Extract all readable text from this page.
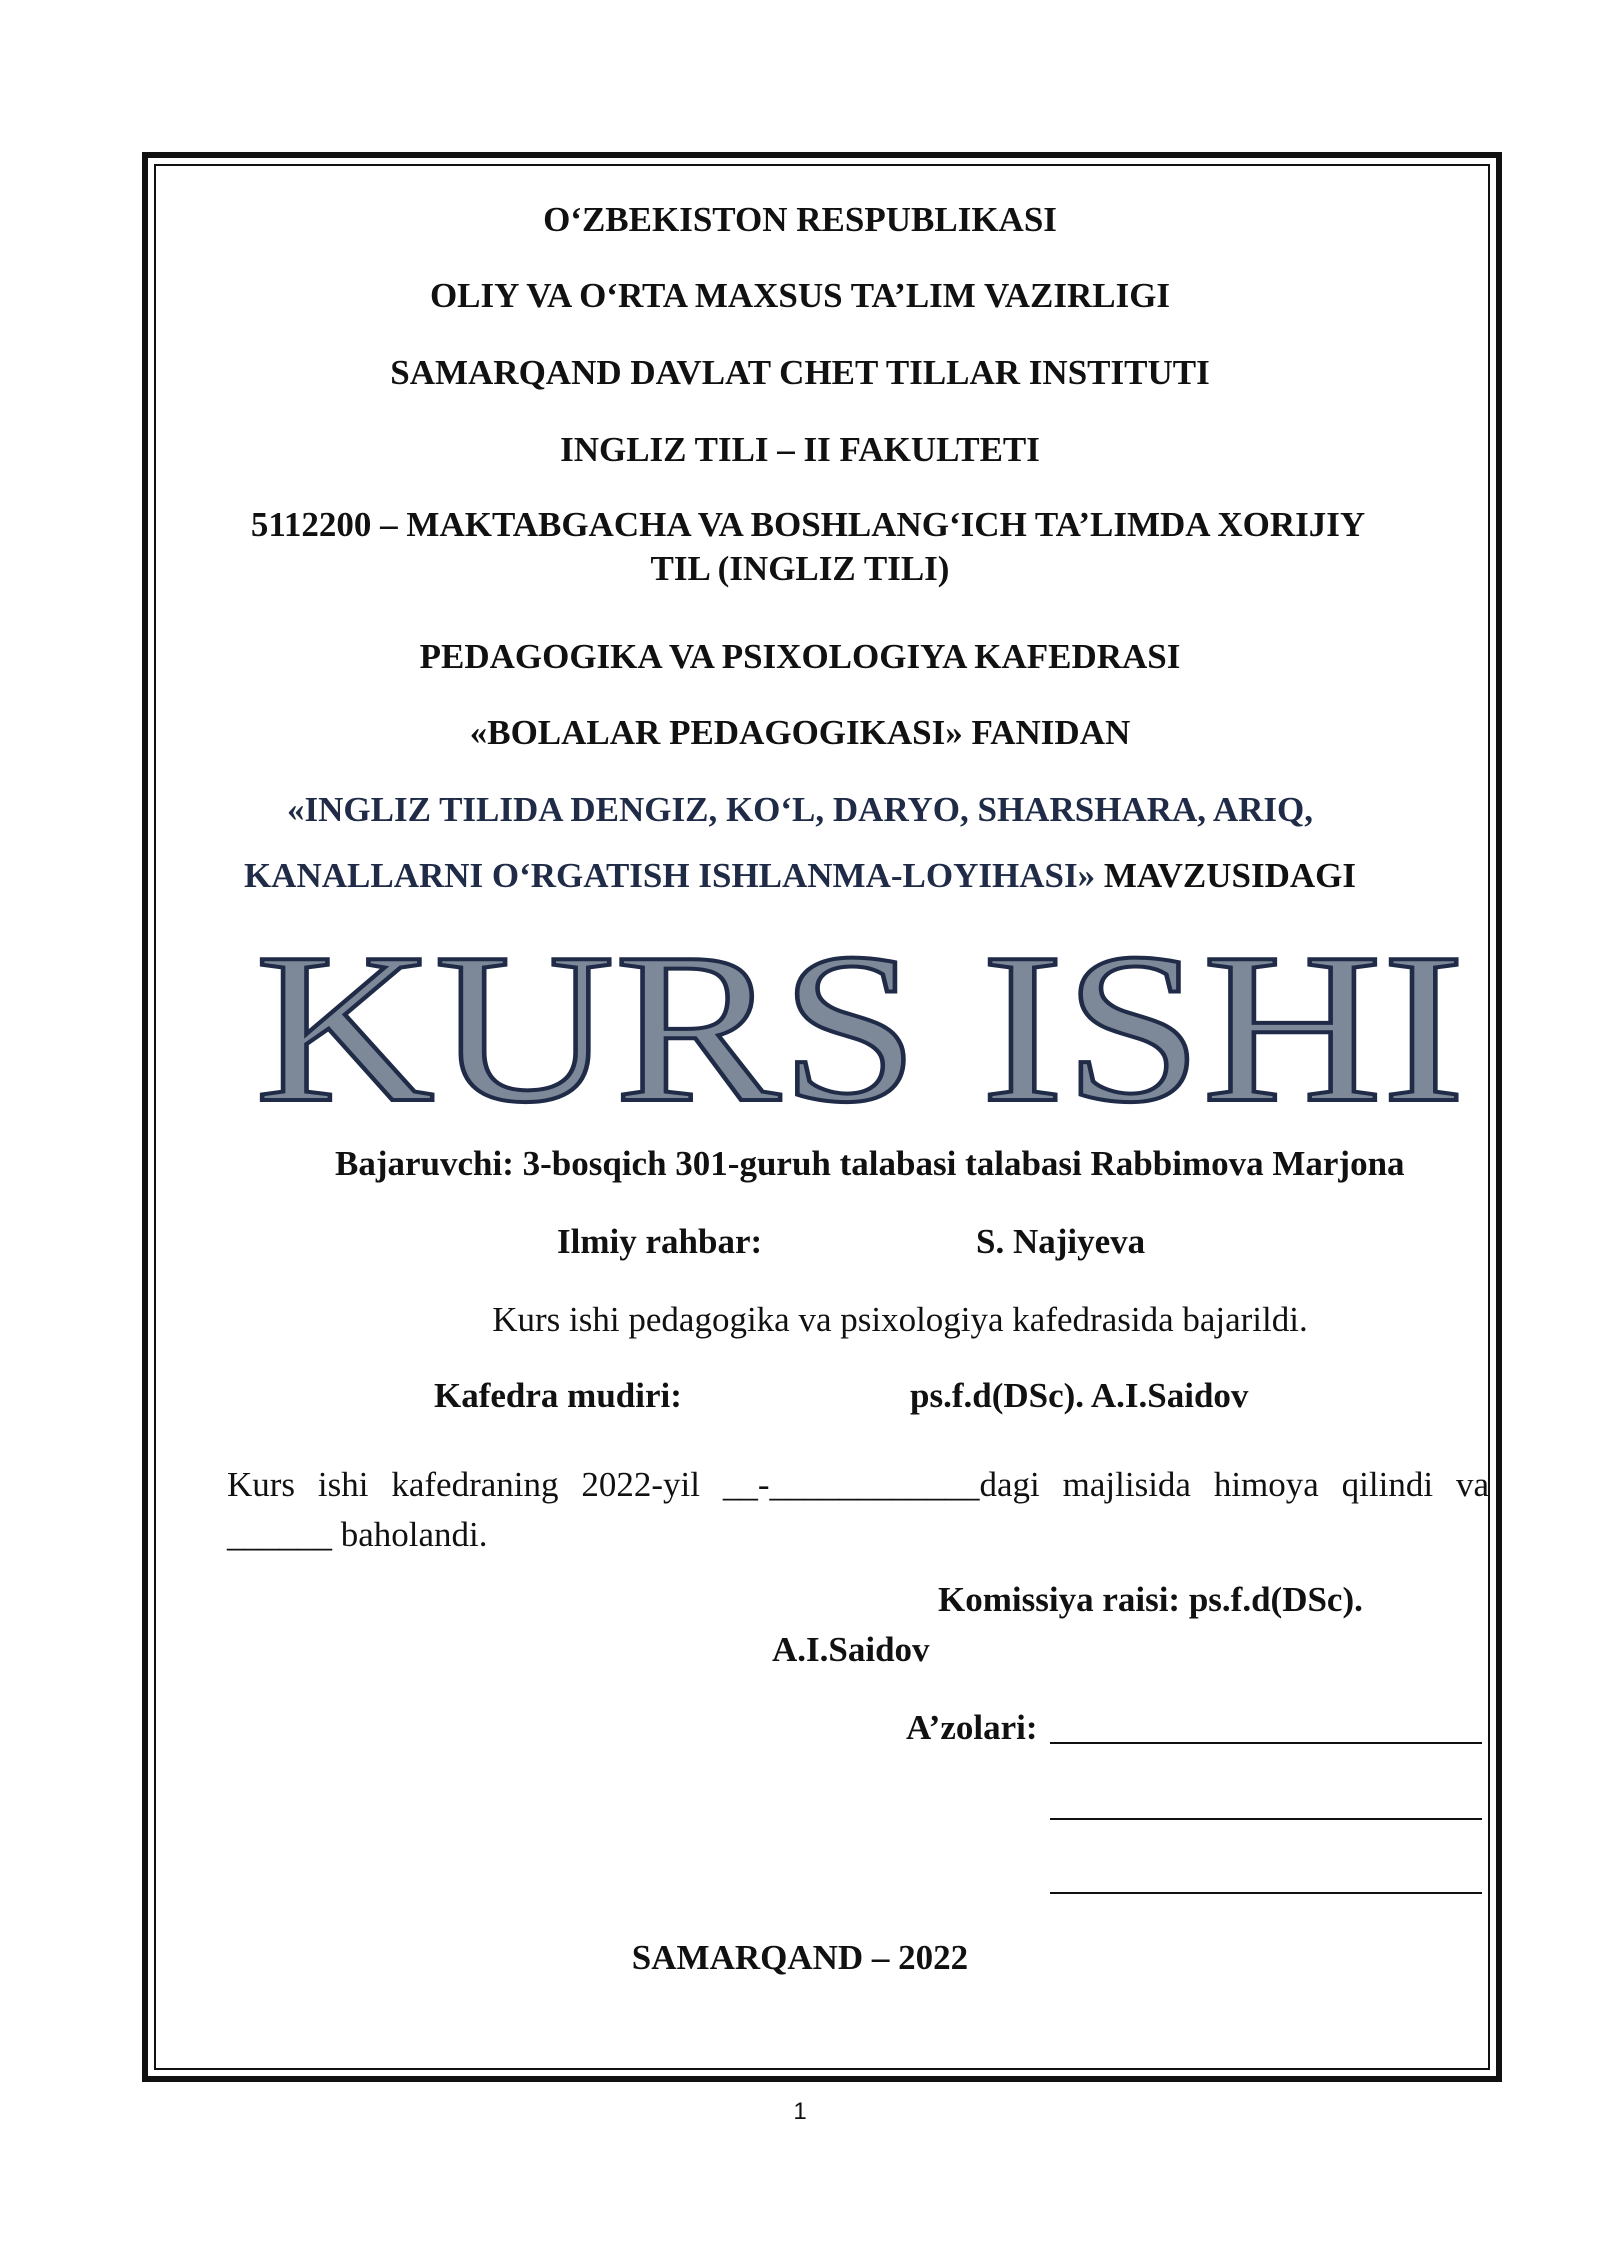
O‘ZBEKISTON RESPUBLIKASI
OLIY VA O‘RTA MAXSUS TA’LIM VAZIRLIGI
SAMARQAND DAVLAT CHET TILLAR INSTITUTI
INGLIZ TILI – II FAKULTETI
5112200 – MAKTABGACHA VA BOSHLANG‘ICH TA’LIMDA XORIJIY
TIL (INGLIZ TILI)
PEDAGOGIKA VA PSIXOLOGIYA KAFEDRASI
«BOLALAR PEDAGOGIKASI» FANIDAN
«INGLIZ TILIDA DENGIZ, KO‘L, DARYO, SHARSHARA, ARIQ,
KANALLARNI O‘RGATISH ISHLANMA-LOYIHASI» MAVZUSIDAGI
KURS ISHI
Bajaruvchi: 3-bosqich 301-guruh talabasi talabasi Rabbimova Marjona
Ilmiy rahbar:	S. Najiyeva
Kurs ishi pedagogika va psixologiya kafedrasida bajarildi.
Kafedra mudiri:	ps.f.d(DSc). A.I.Saidov
Kurs ishi kafedraning 2022-yil __-____________dagi majlisida himoya qilindi va ______ baholandi.
Komissiya raisi: ps.f.d(DSc).
A.I.Saidov
A’zolari:
SAMARQAND – 2022
1
